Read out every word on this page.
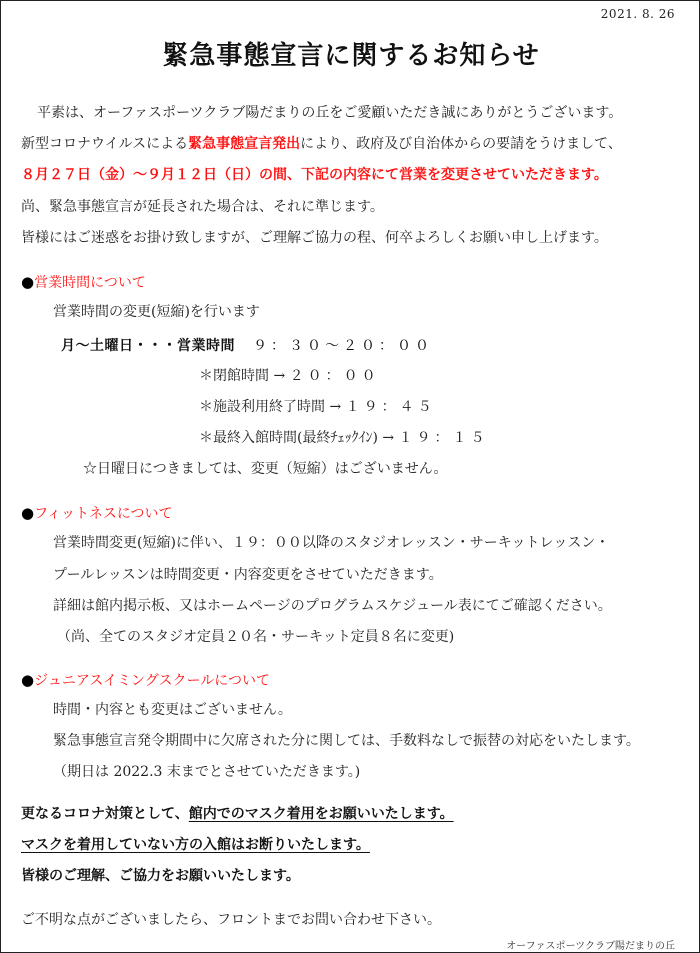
2021. 8. 26
緊急事態宣言に関するお知らせ
平素は、オーファスポーツクラブ陽だまりの丘をご愛顧いただき誠にありがとうございます。
新型コロナウイルスによる緊急事態宣言発出により、政府及び自治体からの要請をうけまして、
８月２７日（金）～９月１２日（日）の間、下記の内容にて営業を変更させていただきます。
尚、緊急事態宣言が延長された場合は、それに準じます。
皆様にはご迷惑をお掛け致しますが、ご理解ご協力の程、何卒よろしくお願い申し上げます。
●営業時間について
営業時間の変更(短縮)を行います
月～土曜日・・・営業時間 ９：３０～２０：００
＊閉館時間 → ２０：００
＊施設利用終了時間 → １９：４５
＊最終入館時間(最終ﾁｪｯｸｲﾝ) → １９：１５
☆日曜日につきましては、変更（短縮）はございません。
●フィットネスについて
営業時間変更(短縮)に伴い、１９：００以降のスタジオレッスン・サーキットレッスン・
プールレッスンは時間変更・内容変更をさせていただきます。
詳細は館内掲示板、又はホームページのプログラムスケジュール表にてご確認ください。
（尚、全てのスタジオ定員２０名・サーキット定員８名に変更)
●ジュニアスイミングスクールについて
時間・内容とも変更はございません。
緊急事態宣言発令期間中に欠席された分に関しては、手数料なしで振替の対応をいたします。
（期日は 2022.3 末までとさせていただきます。)
更なるコロナ対策として、館内でのマスク着用をお願いいたします。
マスクを着用していない方の入館はお断りいたします。
皆様のご理解、ご協力をお願いいたします。
ご不明な点がございましたら、フロントまでお問い合わせ下さい。
オーファスポーツクラブ陽だまりの丘
